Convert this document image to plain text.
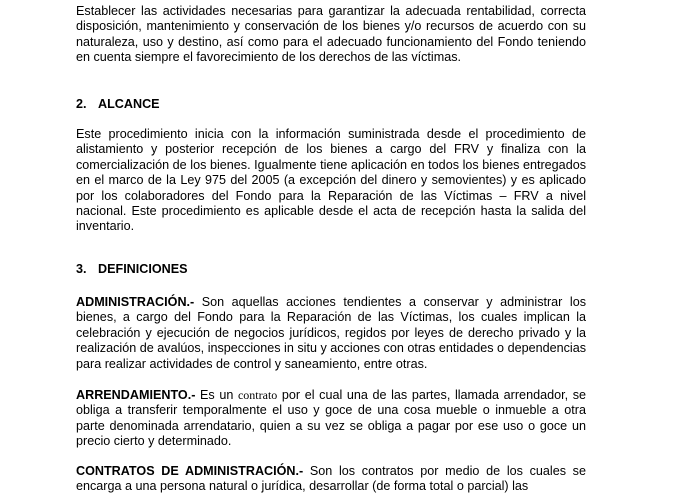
Establecer las actividades necesarias para garantizar la adecuada rentabilidad, correcta disposición, mantenimiento y conservación de los bienes y/o recursos de acuerdo con su naturaleza, uso y destino, así como para el adecuado funcionamiento del Fondo teniendo en cuenta siempre el favorecimiento de los derechos de las víctimas.

2. ALCANCE

Este procedimiento inicia con la información suministrada desde el procedimiento de alistamiento y posterior recepción de los bienes a cargo del FRV y finaliza con la comercialización de los bienes. Igualmente tiene aplicación en todos los bienes entregados en el marco de la Ley 975 del 2005 (a excepción del dinero y semovientes) y es aplicado por los colaboradores del Fondo para la Reparación de las Víctimas – FRV a nivel nacional. Este procedimiento es aplicable desde el acta de recepción hasta la salida del inventario.

3. DEFINICIONES

ADMINISTRACIÓN.- Son aquellas acciones tendientes a conservar y administrar los bienes, a cargo del Fondo para la Reparación de las Víctimas, los cuales implican la celebración y ejecución de negocios jurídicos, regidos por leyes de derecho privado y la realización de avalúos, inspecciones in situ y acciones con otras entidades o dependencias para realizar actividades de control y saneamiento, entre otras.

ARRENDAMIENTO.- Es un contrato por el cual una de las partes, llamada arrendador, se obliga a transferir temporalmente el uso y goce de una cosa mueble o inmueble a otra parte denominada arrendatario, quien a su vez se obliga a pagar por ese uso o goce un precio cierto y determinado.

CONTRATOS DE ADMINISTRACIÓN.- Son los contratos por medio de los cuales se encarga a una persona natural o jurídica, desarrollar (de forma total o parcial) las
